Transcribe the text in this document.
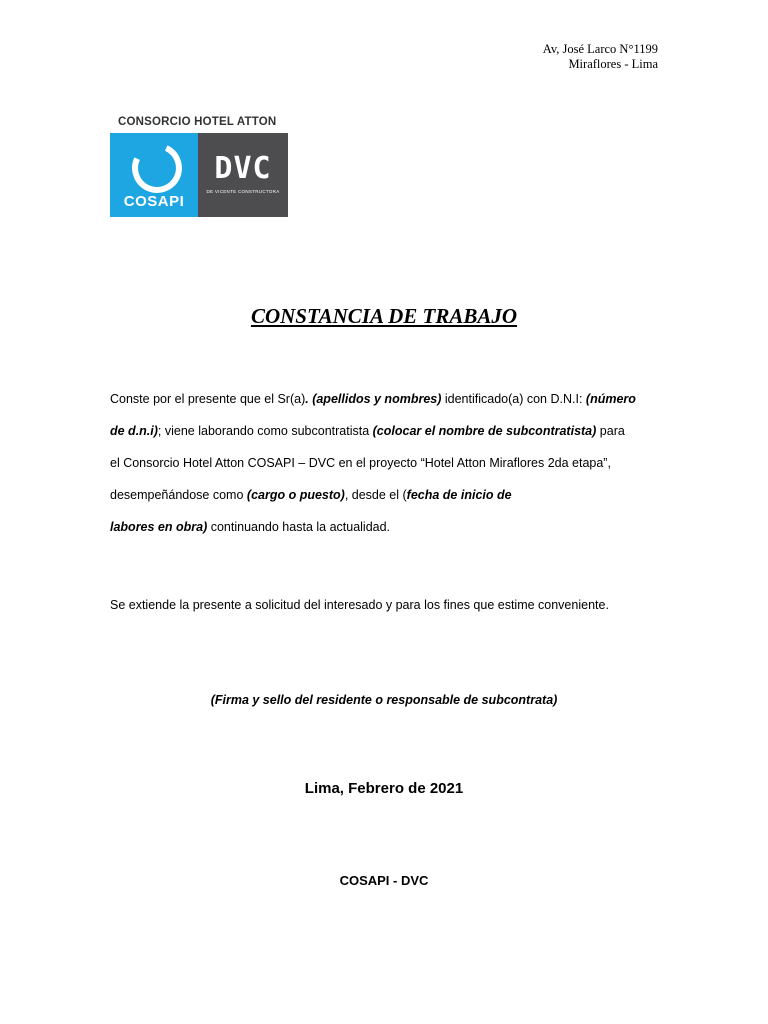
Av, José Larco N°1199
Miraflores - Lima
CONSORCIO HOTEL ATTON
COSAPI
DVC
DE VICENTE CONSTRUCTORA
CONSTANCIA DE TRABAJO
Conste por el presente que el Sr(a). (apellidos y nombres) identificado(a) con D.N.I: (número
de d.n.i); viene laborando como subcontratista (colocar el nombre de subcontratista) para
el Consorcio Hotel Atton COSAPI – DVC en el proyecto “Hotel Atton Miraflores 2da etapa”,
desempeñándose como (cargo o puesto), desde el (fecha de inicio de
labores en obra) continuando hasta la actualidad.
Se extiende la presente a solicitud del interesado y para los fines que estime conveniente.
(Firma y sello del residente o responsable de subcontrata)
Lima, Febrero de 2021
COSAPI - DVC
